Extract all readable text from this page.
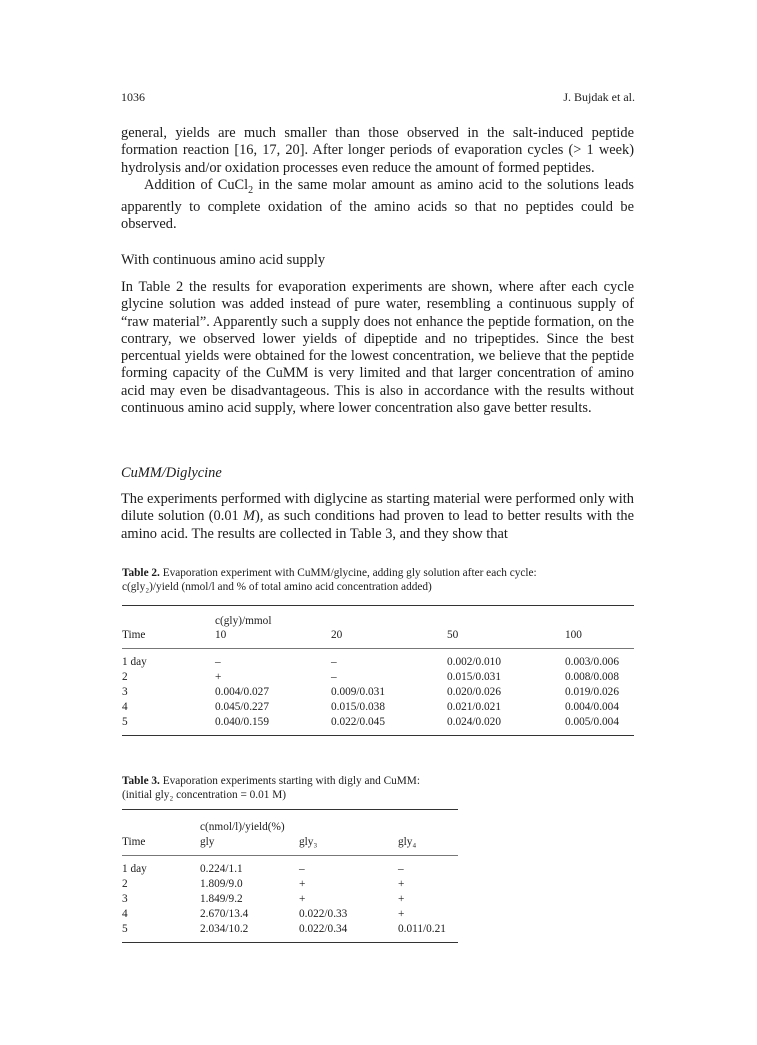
1036	J. Bujdak et al.

general, yields are much smaller than those observed in the salt-induced peptide formation reaction [16, 17, 20]. After longer periods of evaporation cycles (> 1 week) hydrolysis and/or oxidation processes even reduce the amount of formed peptides.

Addition of CuCl$_2$ in the same molar amount as amino acid to the solutions leads apparently to complete oxidation of the amino acids so that no peptides could be observed.

With continuous amino acid supply

In Table 2 the results for evaporation experiments are shown, where after each cycle glycine solution was added instead of pure water, resembling a continuous supply of “raw material”. Apparently such a supply does not enhance the peptide formation, on the contrary, we observed lower yields of dipeptide and no tripeptides. Since the best percentual yields were obtained for the lowest concentration, we believe that the peptide forming capacity of the CuMM is very limited and that larger concentration of amino acid may even be disadvantageous. This is also in accordance with the results without continuous amino acid supply, where lower concentration also gave better results.

CuMM/Diglycine

The experiments performed with diglycine as starting material were performed only with dilute solution (0.01 M), as such conditions had proven to lead to better results with the amino acid. The results are collected in Table 3, and they show that

Table 2. Evaporation experiment with CuMM/glycine, adding gly solution after each cycle:
c(gly₂)/yield (nmol/l and % of total amino acid concentration added)

c(gly)/mmol
Time	10	20	50	100
1 day	–	–	0.002/0.010	0.003/0.006
2	+	–	0.015/0.031	0.008/0.008
3	0.004/0.027	0.009/0.031	0.020/0.026	0.019/0.026
4	0.045/0.227	0.015/0.038	0.021/0.021	0.004/0.004
5	0.040/0.159	0.022/0.045	0.024/0.020	0.005/0.004

Table 3. Evaporation experiments starting with digly and CuMM:
(initial gly₂ concentration = 0.01 M)

c(nmol/l)/yield(%)
Time	gly	gly₃	gly₄
1 day	0.224/1.1	–	–
2	1.809/9.0	+	+
3	1.849/9.2	+	+
4	2.670/13.4	0.022/0.33	+
5	2.034/10.2	0.022/0.34	0.011/0.21
